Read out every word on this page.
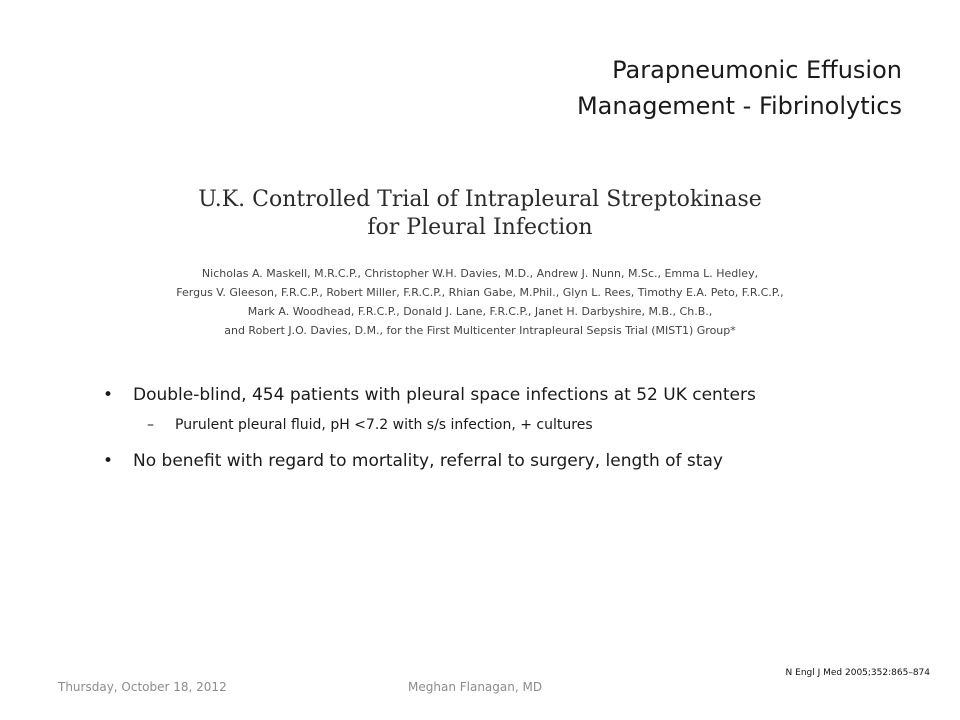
Parapneumonic Effusion
Management - Fibrinolytics
U.K. Controlled Trial of Intrapleural Streptokinase
for Pleural Infection
Nicholas A. Maskell, M.R.C.P., Christopher W.H. Davies, M.D., Andrew J. Nunn, M.Sc., Emma L. Hedley,
Fergus V. Gleeson, F.R.C.P., Robert Miller, F.R.C.P., Rhian Gabe, M.Phil., Glyn L. Rees, Timothy E.A. Peto, F.R.C.P.,
Mark A. Woodhead, F.R.C.P., Donald J. Lane, F.R.C.P., Janet H. Darbyshire, M.B., Ch.B.,
and Robert J.O. Davies, D.M., for the First Multicenter Intrapleural Sepsis Trial (MIST1) Group*
• Double-blind, 454 patients with pleural space infections at 52 UK centers
– Purulent pleural fluid, pH <7.2 with s/s infection, + cultures
• No benefit with regard to mortality, referral to surgery, length of stay
N Engl J Med 2005;352:865–874
Thursday, October 18, 2012	Meghan Flanagan, MD
